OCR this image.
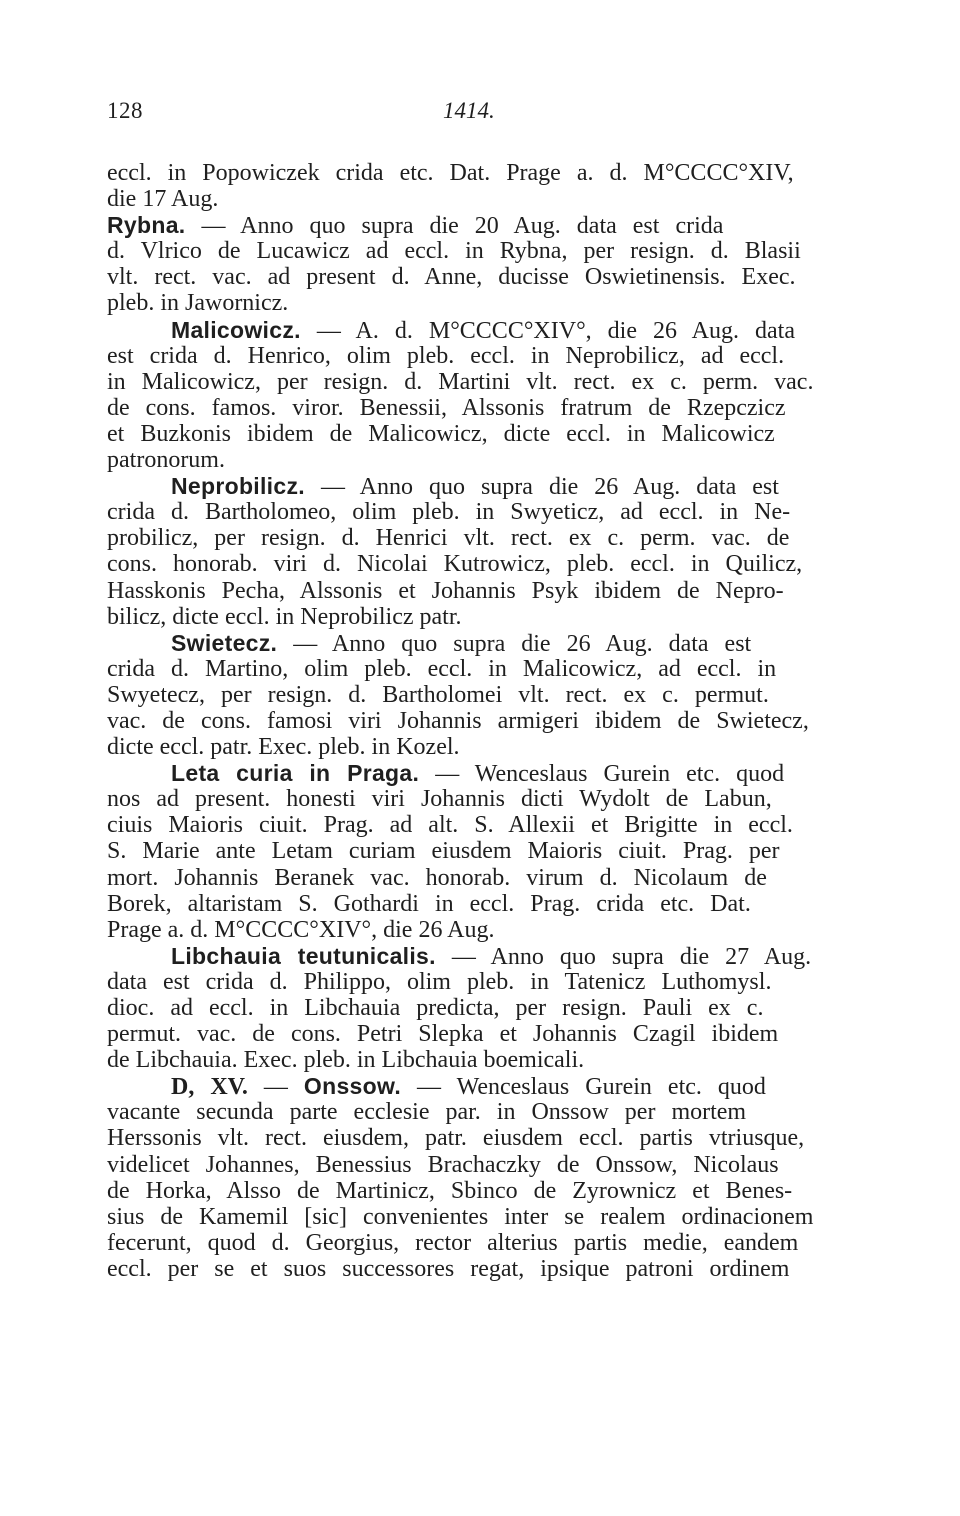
128	1414.
eccl. in Popowiczek crida etc. Dat. Prage a. d. M°CCCC°XIV,
die 17 Aug.
Rybna. — Anno quo supra die 20 Aug. data est crida
d. Vlrico de Lucawicz ad eccl. in Rybna, per resign. d. Blasii
vlt. rect. vac. ad present d. Anne, ducisse Oswietinensis. Exec.
pleb. in Jawornicz.
Malicowicz. — A. d. M°CCCC°XIV°, die 26 Aug. data
est crida d. Henrico, olim pleb. eccl. in Neprobilicz, ad eccl.
in Malicowicz, per resign. d. Martini vlt. rect. ex c. perm. vac.
de cons. famos. viror. Benessii, Alssonis fratrum de Rzepczicz
et Buzkonis ibidem de Malicowicz, dicte eccl. in Malicowicz
patronorum.
Neprobilicz. — Anno quo supra die 26 Aug. data est
crida d. Bartholomeo, olim pleb. in Swyeticz, ad eccl. in Ne-
probilicz, per resign. d. Henrici vlt. rect. ex c. perm. vac. de
cons. honorab. viri d. Nicolai Kutrowicz, pleb. eccl. in Quilicz,
Hasskonis Pecha, Alssonis et Johannis Psyk ibidem de Nepro-
bilicz, dicte eccl. in Neprobilicz patr.
Swietecz. — Anno quo supra die 26 Aug. data est
crida d. Martino, olim pleb. eccl. in Malicowicz, ad eccl. in
Swyetecz, per resign. d. Bartholomei vlt. rect. ex c. permut.
vac. de cons. famosi viri Johannis armigeri ibidem de Swietecz,
dicte eccl. patr. Exec. pleb. in Kozel.
Leta curia in Praga. — Wenceslaus Gurein etc. quod
nos ad present. honesti viri Johannis dicti Wydolt de Labun,
ciuis Maioris ciuit. Prag. ad alt. S. Allexii et Brigitte in eccl.
S. Marie ante Letam curiam eiusdem Maioris ciuit. Prag. per
mort. Johannis Beranek vac. honorab. virum d. Nicolaum de
Borek, altaristam S. Gothardi in eccl. Prag. crida etc. Dat.
Prage a. d. M°CCCC°XIV°, die 26 Aug.
Libchauia teutunicalis. — Anno quo supra die 27 Aug.
data est crida d. Philippo, olim pleb. in Tatenicz Luthomysl.
dioc. ad eccl. in Libchauia predicta, per resign. Pauli ex c.
permut. vac. de cons. Petri Slepka et Johannis Czagil ibidem
de Libchauia. Exec. pleb. in Libchauia boemicali.
D, XV. — Onssow. — Wenceslaus Gurein etc. quod
vacante secunda parte ecclesie par. in Onssow per mortem
Herssonis vlt. rect. eiusdem, patr. eiusdem eccl. partis vtriusque,
videlicet Johannes, Benessius Brachaczky de Onssow, Nicolaus
de Horka, Alsso de Martinicz, Sbinco de Zyrownicz et Benes-
sius de Kamemil [sic] convenientes inter se realem ordinacionem
fecerunt, quod d. Georgius, rector alterius partis medie, eandem
eccl. per se et suos successores regat, ipsique patroni ordinem
